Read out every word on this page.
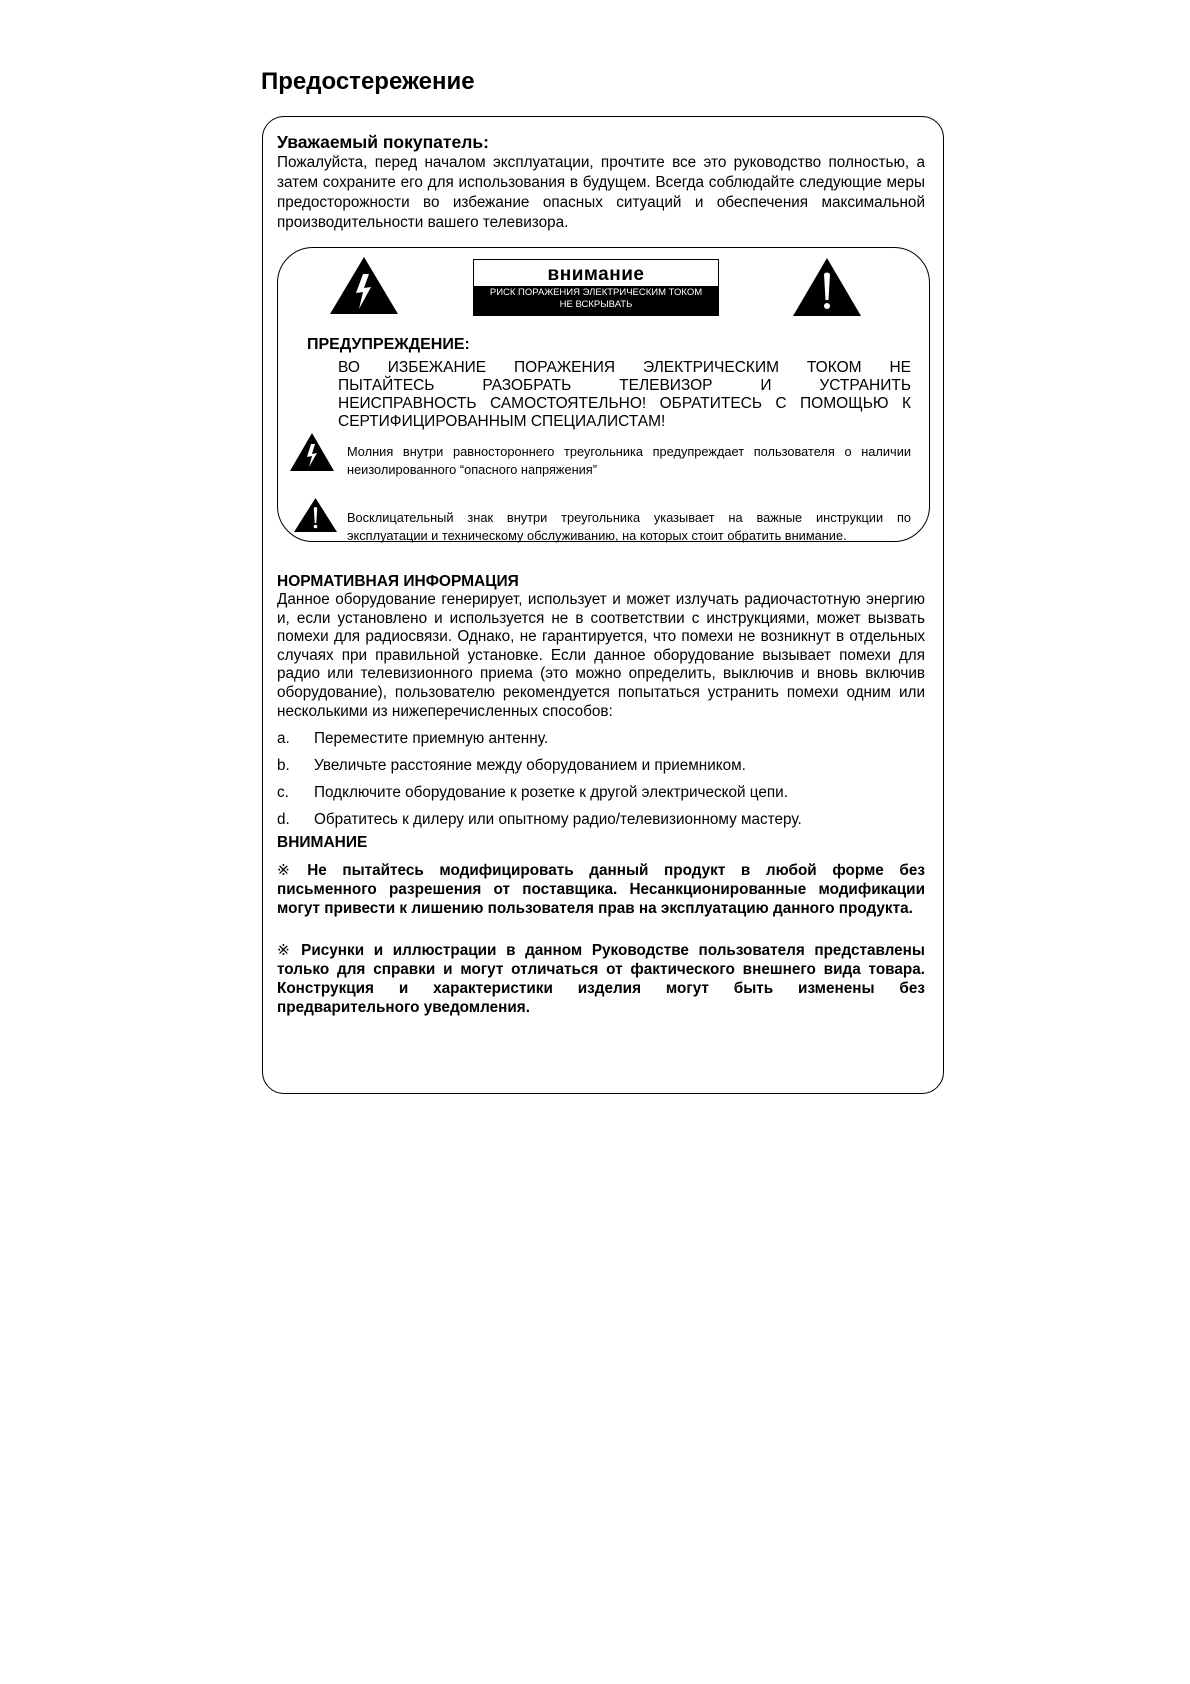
Предостережение

Уважаемый покупатель:

Пожалуйста, перед началом эксплуатации, прочтите все это руководство полностью, а затем сохраните его для использования в будущем. Всегда соблюдайте следующие меры предосторожности во избежание опасных ситуаций и обеспечения максимальной производительности вашего телевизора.

внимание
РИСК ПОРАЖЕНИЯ ЭЛЕКТРИЧЕСКИМ ТОКОМ
НЕ ВСКРЫВАТЬ

ПРЕДУПРЕЖДЕНИЕ:

ВО ИЗБЕЖАНИЕ ПОРАЖЕНИЯ ЭЛЕКТРИЧЕСКИМ ТОКОМ НЕ
ПЫТАЙТЕСЬ РАЗОБРАТЬ ТЕЛЕВИЗОР И УСТРАНИТЬ
НЕИСПРАВНОСТЬ САМОСТОЯТЕЛЬНО! ОБРАТИТЕСЬ С ПОМОЩЬЮ К
СЕРТИФИЦИРОВАННЫМ СПЕЦИАЛИСТАМ!

Молния внутри равностороннего треугольника предупреждает пользователя о наличии неизолированного “опасного напряжения”

Восклицательный знак внутри треугольника указывает на важные инструкции по эксплуатации и техническому обслуживанию, на которых стоит обратить внимание.

НОРМАТИВНАЯ ИНФОРМАЦИЯ

Данное оборудование генерирует, использует и может излучать радиочастотную энергию и, если установлено и используется не в соответствии с инструкциями, может вызвать помехи для радиосвязи. Однако, не гарантируется, что помехи не возникнут в отдельных случаях при правильной установке. Если данное оборудование вызывает помехи для радио или телевизионного приема (это можно определить, выключив и вновь включив оборудование), пользователю рекомендуется попытаться устранить помехи одним или несколькими из нижеперечисленных способов:

a. Переместите приемную антенну.
b. Увеличьте расстояние между оборудованием и приемником.
c. Подключите оборудование к розетке к другой электрической цепи.
d. Обратитесь к дилеру или опытному радио/телевизионному мастеру.

ВНИМАНИЕ

※ Не пытайтесь модифицировать данный продукт в любой форме без письменного разрешения от поставщика. Несанкционированные модификации могут привести к лишению пользователя прав на эксплуатацию данного продукта.

※ Рисунки и иллюстрации в данном Руководстве пользователя представлены только для справки и могут отличаться от фактического внешнего вида товара. Конструкция и характеристики изделия могут быть изменены без предварительного уведомления.
